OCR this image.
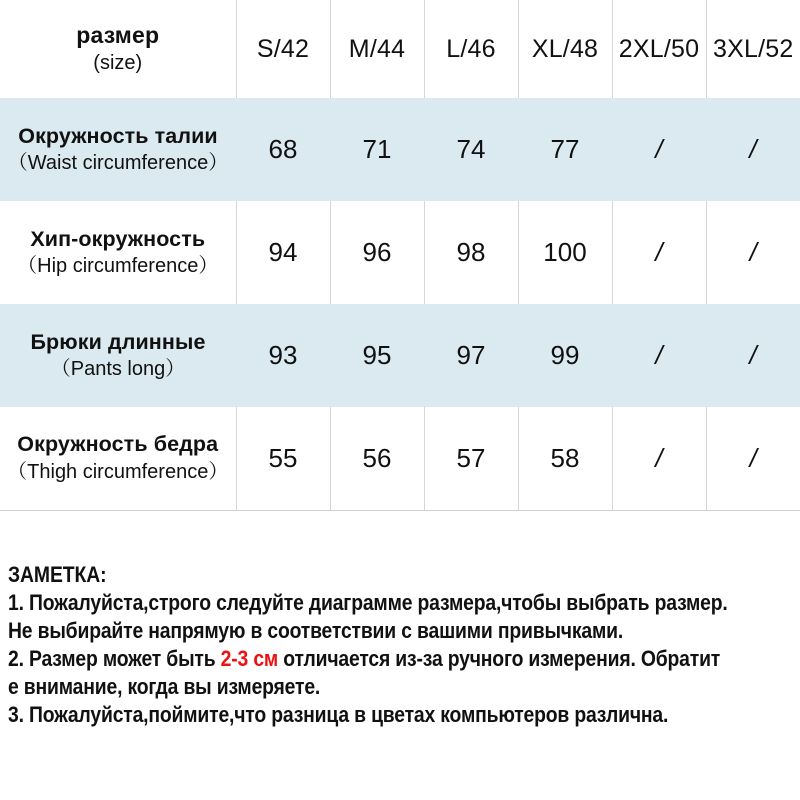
размер
(size)	S/42	M/44	L/46	XL/48	2XL/50	3XL/52

Окружность талии
（Waist circumference）	68	71	74	77	/	/

Хип-окружность
（Hip circumference）	94	96	98	100	/	/

Брюки длинные
（Pants long）	93	95	97	99	/	/

Окружность бедра
（Thigh circumference）	55	56	57	58	/	/
ЗАМЕТКА:
1. Пожалуйста,строго следуйте диаграмме размера,чтобы выбрать размер.
Не выбирайте напрямую в соответствии с вашими привычками.
2. Размер может быть 2-3 см отличается из-за ручного измерения. Обратит
е внимание, когда вы измеряете.
3. Пожалуйста,поймите,что разница в цветах компьютеров различна.
